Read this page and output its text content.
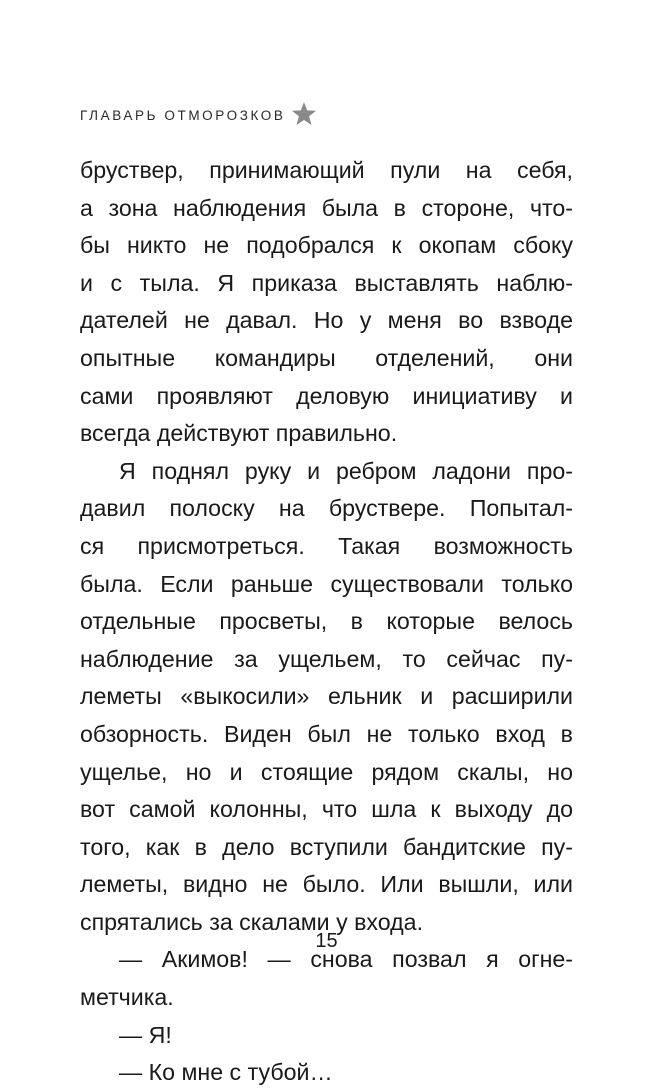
ГЛАВАРЬ ОТМОРОЗКОВ
бруствер, принимающий пули на себя,
а зона наблюдения была в стороне, что-
бы никто не подобрался к окопам сбоку
и с тыла. Я приказа выставлять наблю-
дателей не давал. Но у меня во взводе
опытные командиры отделений, они
сами проявляют деловую инициативу и
всегда действуют правильно.
Я поднял руку и ребром ладони про-
давил полоску на бруствере. Попытал-
ся присмотреться. Такая возможность
была. Если раньше существовали только
отдельные просветы, в которые велось
наблюдение за ущельем, то сейчас пу-
леметы «выкосили» ельник и расширили
обзорность. Виден был не только вход в
ущелье, но и стоящие рядом скалы, но
вот самой колонны, что шла к выходу до
того, как в дело вступили бандитские пу-
леметы, видно не было. Или вышли, или
спрятались за скалами у входа.
— Акимов! — снова позвал я огне-
метчика.
— Я!
— Ко мне с тубой…
15
